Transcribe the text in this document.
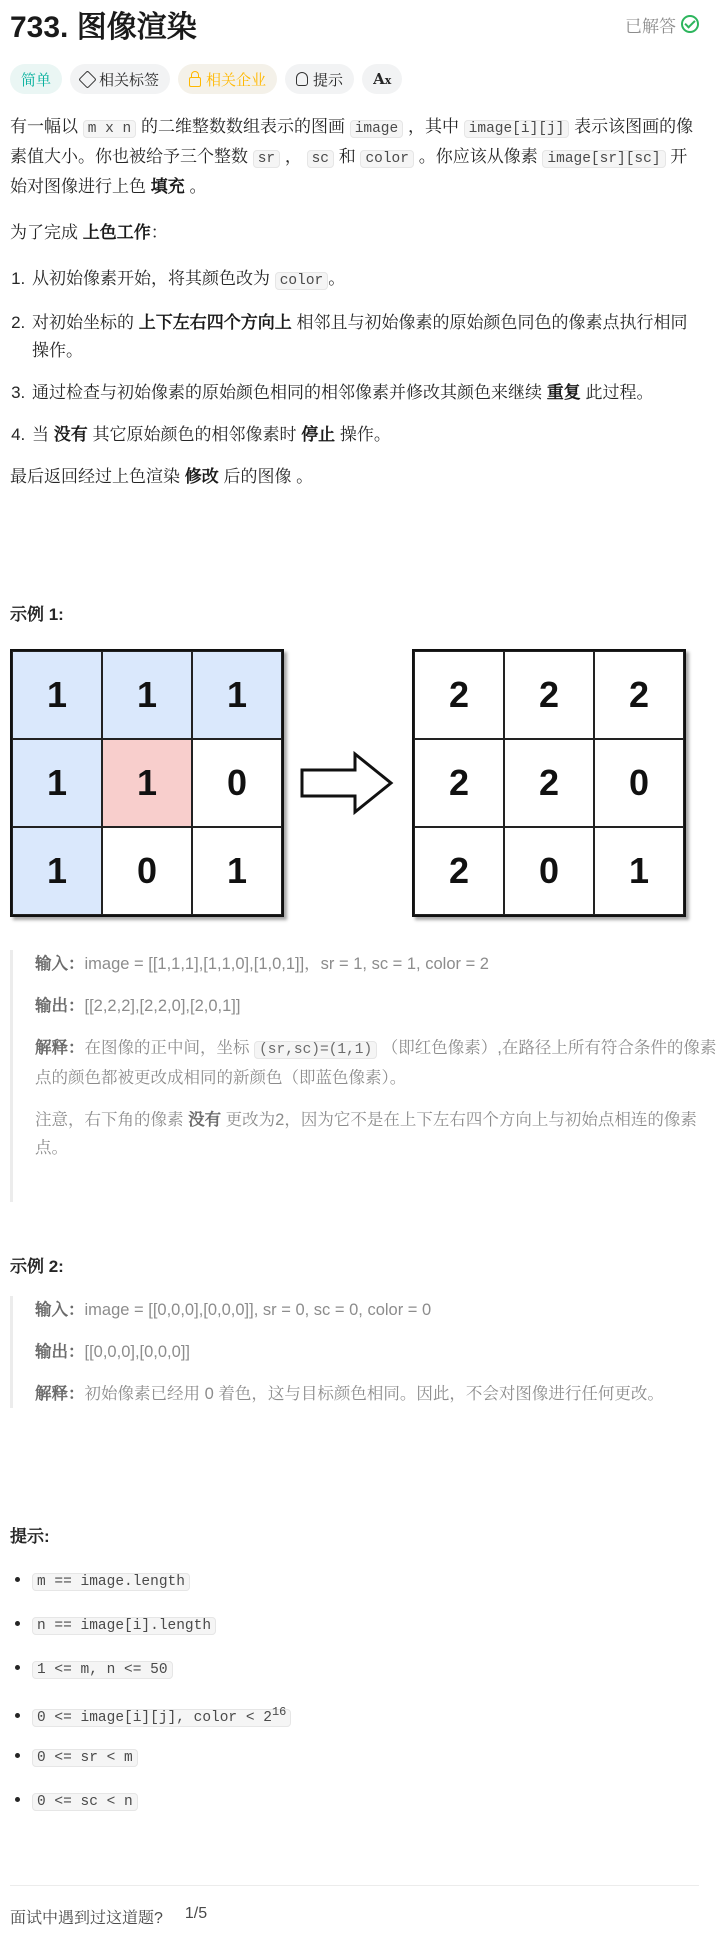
733. 图像渲染	已解答
简单	相关标签	相关企业	提示 Ax

有一幅以 m x n 的二维整数数组表示的图画 image ，其中 image[i][j] 表示该图画的像素值大小。你也被给予三个整数 sr ， sc 和 color 。你应该从像素 image[sr][sc] 开始对图像进行上色 填充 。

为了完成 上色工作：

1. 从初始像素开始，将其颜色改为 color 。
2. 对初始坐标的 上下左右四个方向上 相邻且与初始像素的原始颜色同色的像素点执行相同操作。
3. 通过检查与初始像素的原始颜色相同的相邻像素并修改其颜色来继续 重复 此过程。
4. 当 没有 其它原始颜色的相邻像素时 停止 操作。

最后返回经过上色渲染 修改 后的图像 。

示例 1:
1	1	1
1	1	0
1	0	1
2	2	2
2	2	0
2	0	1
输入：image = [[1,1,1],[1,1,0],[1,0,1]]，sr = 1, sc = 1, color = 2
输出：[[2,2,2],[2,2,0],[2,0,1]]
解释：在图像的正中间，坐标 (sr,sc)=(1,1) （即红色像素）,在路径上所有符合条件的像素点的颜色都被更改成相同的新颜色（即蓝色像素）。
注意，右下角的像素 没有 更改为2，因为它不是在上下左右四个方向上与初始点相连的像素点。
示例 2:
输入：image = [[0,0,0],[0,0,0]], sr = 0, sc = 0, color = 0
输出：[[0,0,0],[0,0,0]]
解释：初始像素已经用 0 着色，这与目标颜色相同。因此，不会对图像进行任何更改。
提示:
• m == image.length
• n == image[i].length
• 1 <= m, n <= 50
• 0 <= image[i][j], color < $2^{16}$
• 0 <= sr < m
• 0 <= sc < n
面试中遇到过这道题? 1/5
